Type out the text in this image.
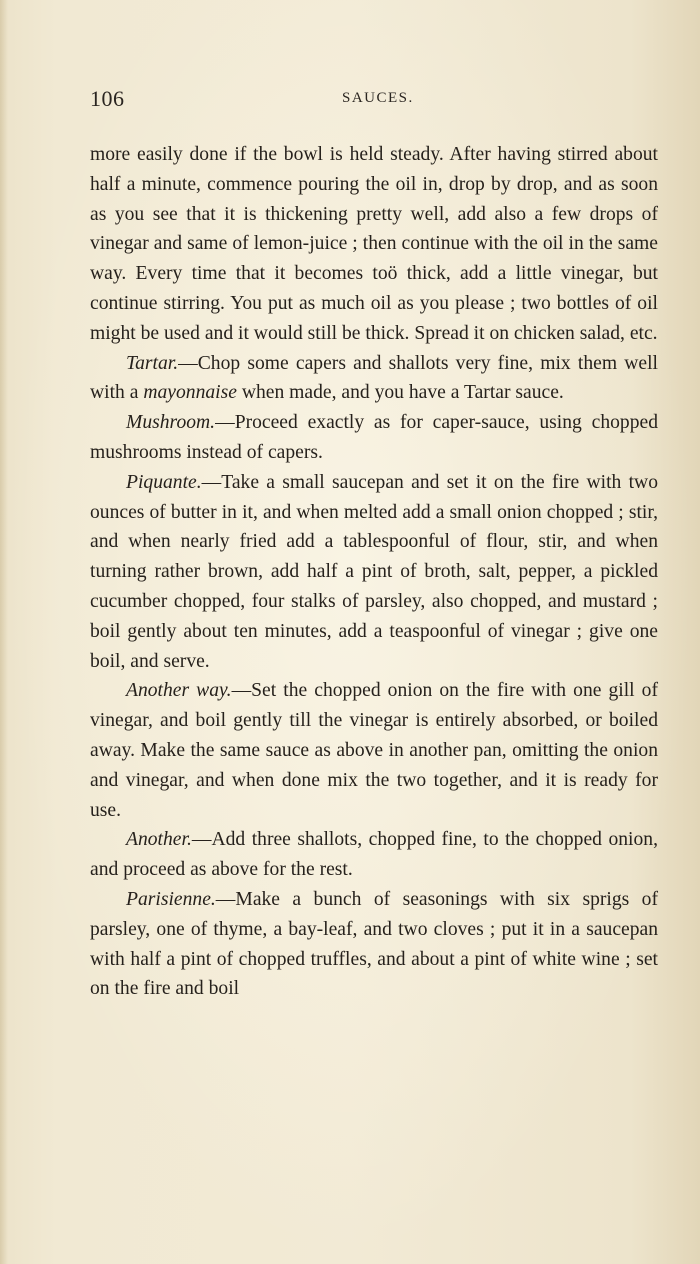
106	SAUCES.

more easily done if the bowl is held steady. After having stirred about half a minute, commence pouring the oil in, drop by drop, and as soon as you see that it is thickening pretty well, add also a few drops of vinegar and same of lemon-juice ; then continue with the oil in the same way. Every time that it becomes toö thick, add a little vinegar, but continue stirring. You put as much oil as you please ; two bottles of oil might be used and it would still be thick. Spread it on chicken salad, etc.

Tartar.—Chop some capers and shallots very fine, mix them well with a mayonnaise when made, and you have a Tartar sauce.

Mushroom.—Proceed exactly as for caper-sauce, using chopped mushrooms instead of capers.

Piquante.—Take a small saucepan and set it on the fire with two ounces of butter in it, and when melted add a small onion chopped ; stir, and when nearly fried add a tablespoonful of flour, stir, and when turning rather brown, add half a pint of broth, salt, pepper, a pickled cucumber chopped, four stalks of parsley, also chopped, and mustard ; boil gently about ten minutes, add a teaspoonful of vinegar ; give one boil, and serve.

Another way.—Set the chopped onion on the fire with one gill of vinegar, and boil gently till the vinegar is entirely absorbed, or boiled away. Make the same sauce as above in another pan, omitting the onion and vinegar, and when done mix the two together, and it is ready for use.

Another.—Add three shallots, chopped fine, to the chopped onion, and proceed as above for the rest.

Parisienne.—Make a bunch of seasonings with six sprigs of parsley, one of thyme, a bay-leaf, and two cloves ; put it in a saucepan with half a pint of chopped truffles, and about a pint of white wine ; set on the fire and boil
